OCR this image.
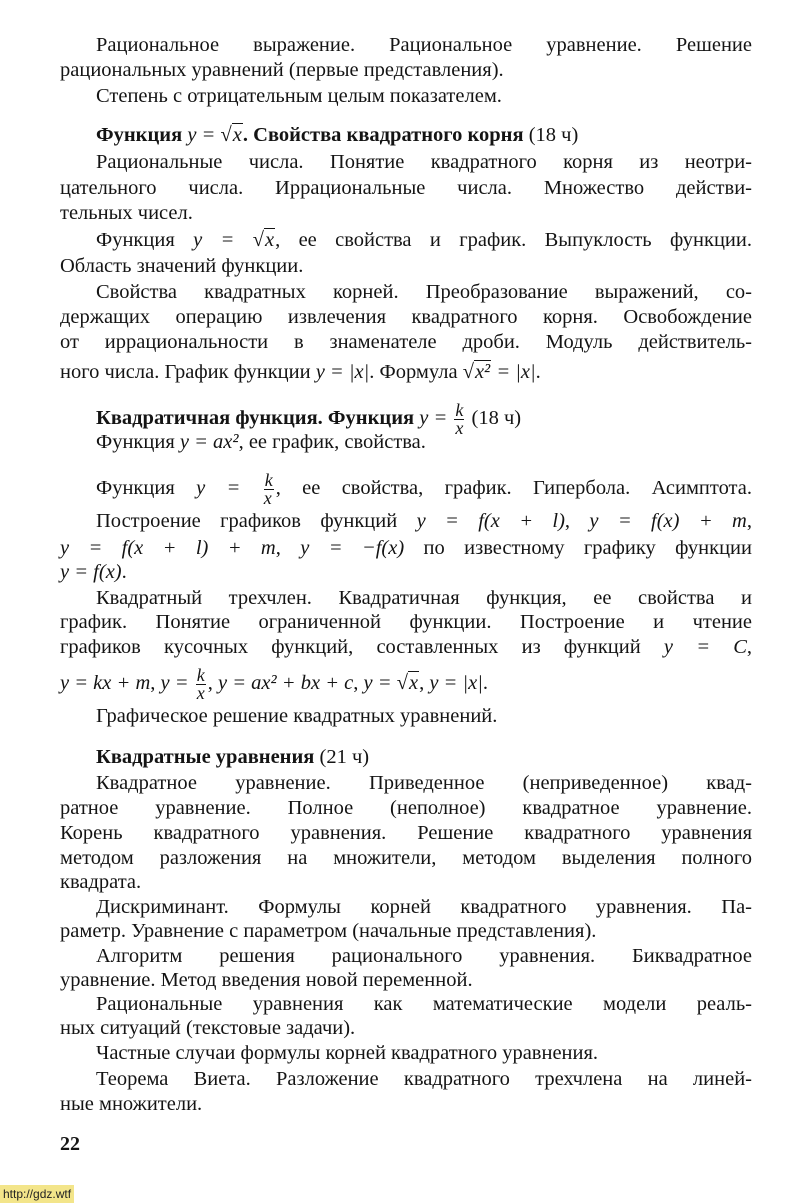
Рациональное выражение. Рациональное уравнение. Решение
рациональных уравнений (первые представления).
Степень с отрицательным целым показателем.
Функция y = √x. Свойства квадратного корня (18 ч)
Рациональные числа. Понятие квадратного корня из неотри-
цательного числа. Иррациональные числа. Множество действи-
тельных чисел.
Функция y = √x, ее свойства и график. Выпуклость функции.
Область значений функции.
Свойства квадратных корней. Преобразование выражений, со-
держащих операцию извлечения квадратного корня. Освобождение
от иррациональности в знаменателе дроби. Модуль действитель-
ного числа. График функции y = |x|. Формула √x² = |x|.
Квадратичная функция. Функция $y = \frac{k}{x} (18$ ч)
Функция y = ax², ее график, свойства.
Функция $y = \frac{k}{x}$ , ее свойства, график. Гипербола. Асимптота.
Построение графиков функций y = f(x + l), y = f(x) + m,
y = f(x + l) + m, y = −f(x) по известному графику функции
y = f(x).
Квадратный трехчлен. Квадратичная функция, ее свойства и
график. Понятие ограниченной функции. Построение и чтение
графиков кусочных функций, составленных из функций y = C,
y = kx + m, $y = \frac{k}{x}$ , y = ax² + bx + c, y = √x, y = |x|.
Графическое решение квадратных уравнений.
Квадратные уравнения (21 ч)
Квадратное уравнение. Приведенное (неприведенное) квад-
ратное уравнение. Полное (неполное) квадратное уравнение.
Корень квадратного уравнения. Решение квадратного уравнения
методом разложения на множители, методом выделения полного
квадрата.
Дискриминант. Формулы корней квадратного уравнения. Па-
раметр. Уравнение с параметром (начальные представления).
Алгоритм решения рационального уравнения. Биквадратное
уравнение. Метод введения новой переменной.
Рациональные уравнения как математические модели реаль-
ных ситуаций (текстовые задачи).
Частные случаи формулы корней квадратного уравнения.
Теорема Виета. Разложение квадратного трехчлена на линей-
ные множители.
22
http://gdz.wtf
